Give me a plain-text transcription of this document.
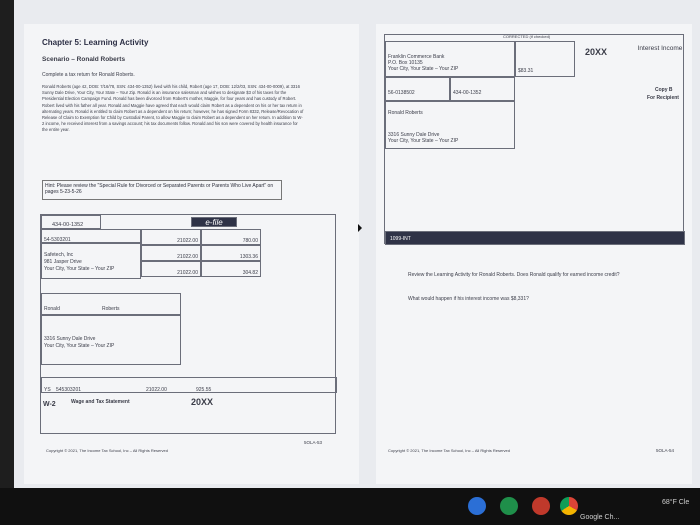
Chapter 5: Learning Activity
Scenario – Ronald Roberts
Complete a tax return for Ronald Roberts.
Ronald Roberts (age 42, DOB: 7/16/78, SSN: 434-00-1352) lived with his child, Robert (age 17, DOB: 12/2/03, SSN: 434-00-0009), at 3316 Sunny Dale Drive, Your City, Your State – Your Zip. Ronald is an insurance salesman and wishes to designate $3 of his taxes for the Presidential Election Campaign Fund. Ronald has been divorced from Robert's mother, Maggie, for four years and has custody of Robert. Robert lived with his father all year. Ronald and Maggie have agreed that each would claim Robert as a dependent on his or her tax return in alternating years. Ronald is entitled to claim Robert as a dependent on his return; however, he has signed Form 8332, Release/Revocation of Release of Claim to Exemption for Child by Custodial Parent, to allow Maggie to claim Robert as a dependent on her return. In addition to W-2 income, he received interest from a savings account; his tax documents follow. Ronald and his son were covered by health insurance for the entire year.
Hint: Please review the "Special Rule for Divorced or Separated Parents or Parents Who Live Apart" on pages 5-23-5-26
434-00-1352	e-file
54-5303201
Safetech, Inc
981 Jasper Drive
Your City, Your State – Your ZIP
21022.00	780.00
21022.00	1303.36
21022.00	304.82
Ronald	Roberts
3316 Sunny Dale Drive
Your City, Your State – Your ZIP
YS 545303201	21022.00	925.55
W-2	Wage and Tax Statement	20XX
Copyright © 2021, The Income Tax School, Inc – All Rights Reserved
5OLA-53
CORRECTED (if checked)
Franklin Commerce Bank
P.O. Box 10135
Your City, Your State – Your ZIP	$83.31
20XX	Interest Income
56-0138502	434-00-1352
Ronald Roberts
3316 Sunny Dale Drive
Your City, Your State – Your ZIP
Copy B
For Recipient
1099-INT
Review the Learning Activity for Ronald Roberts. Does Ronald qualify for earned income credit?
What would happen if his interest income was $8,331?
Copyright © 2021, The Income Tax School, Inc – All Rights Reserved	5OLA-54
Google Ch...
68°F Cle
